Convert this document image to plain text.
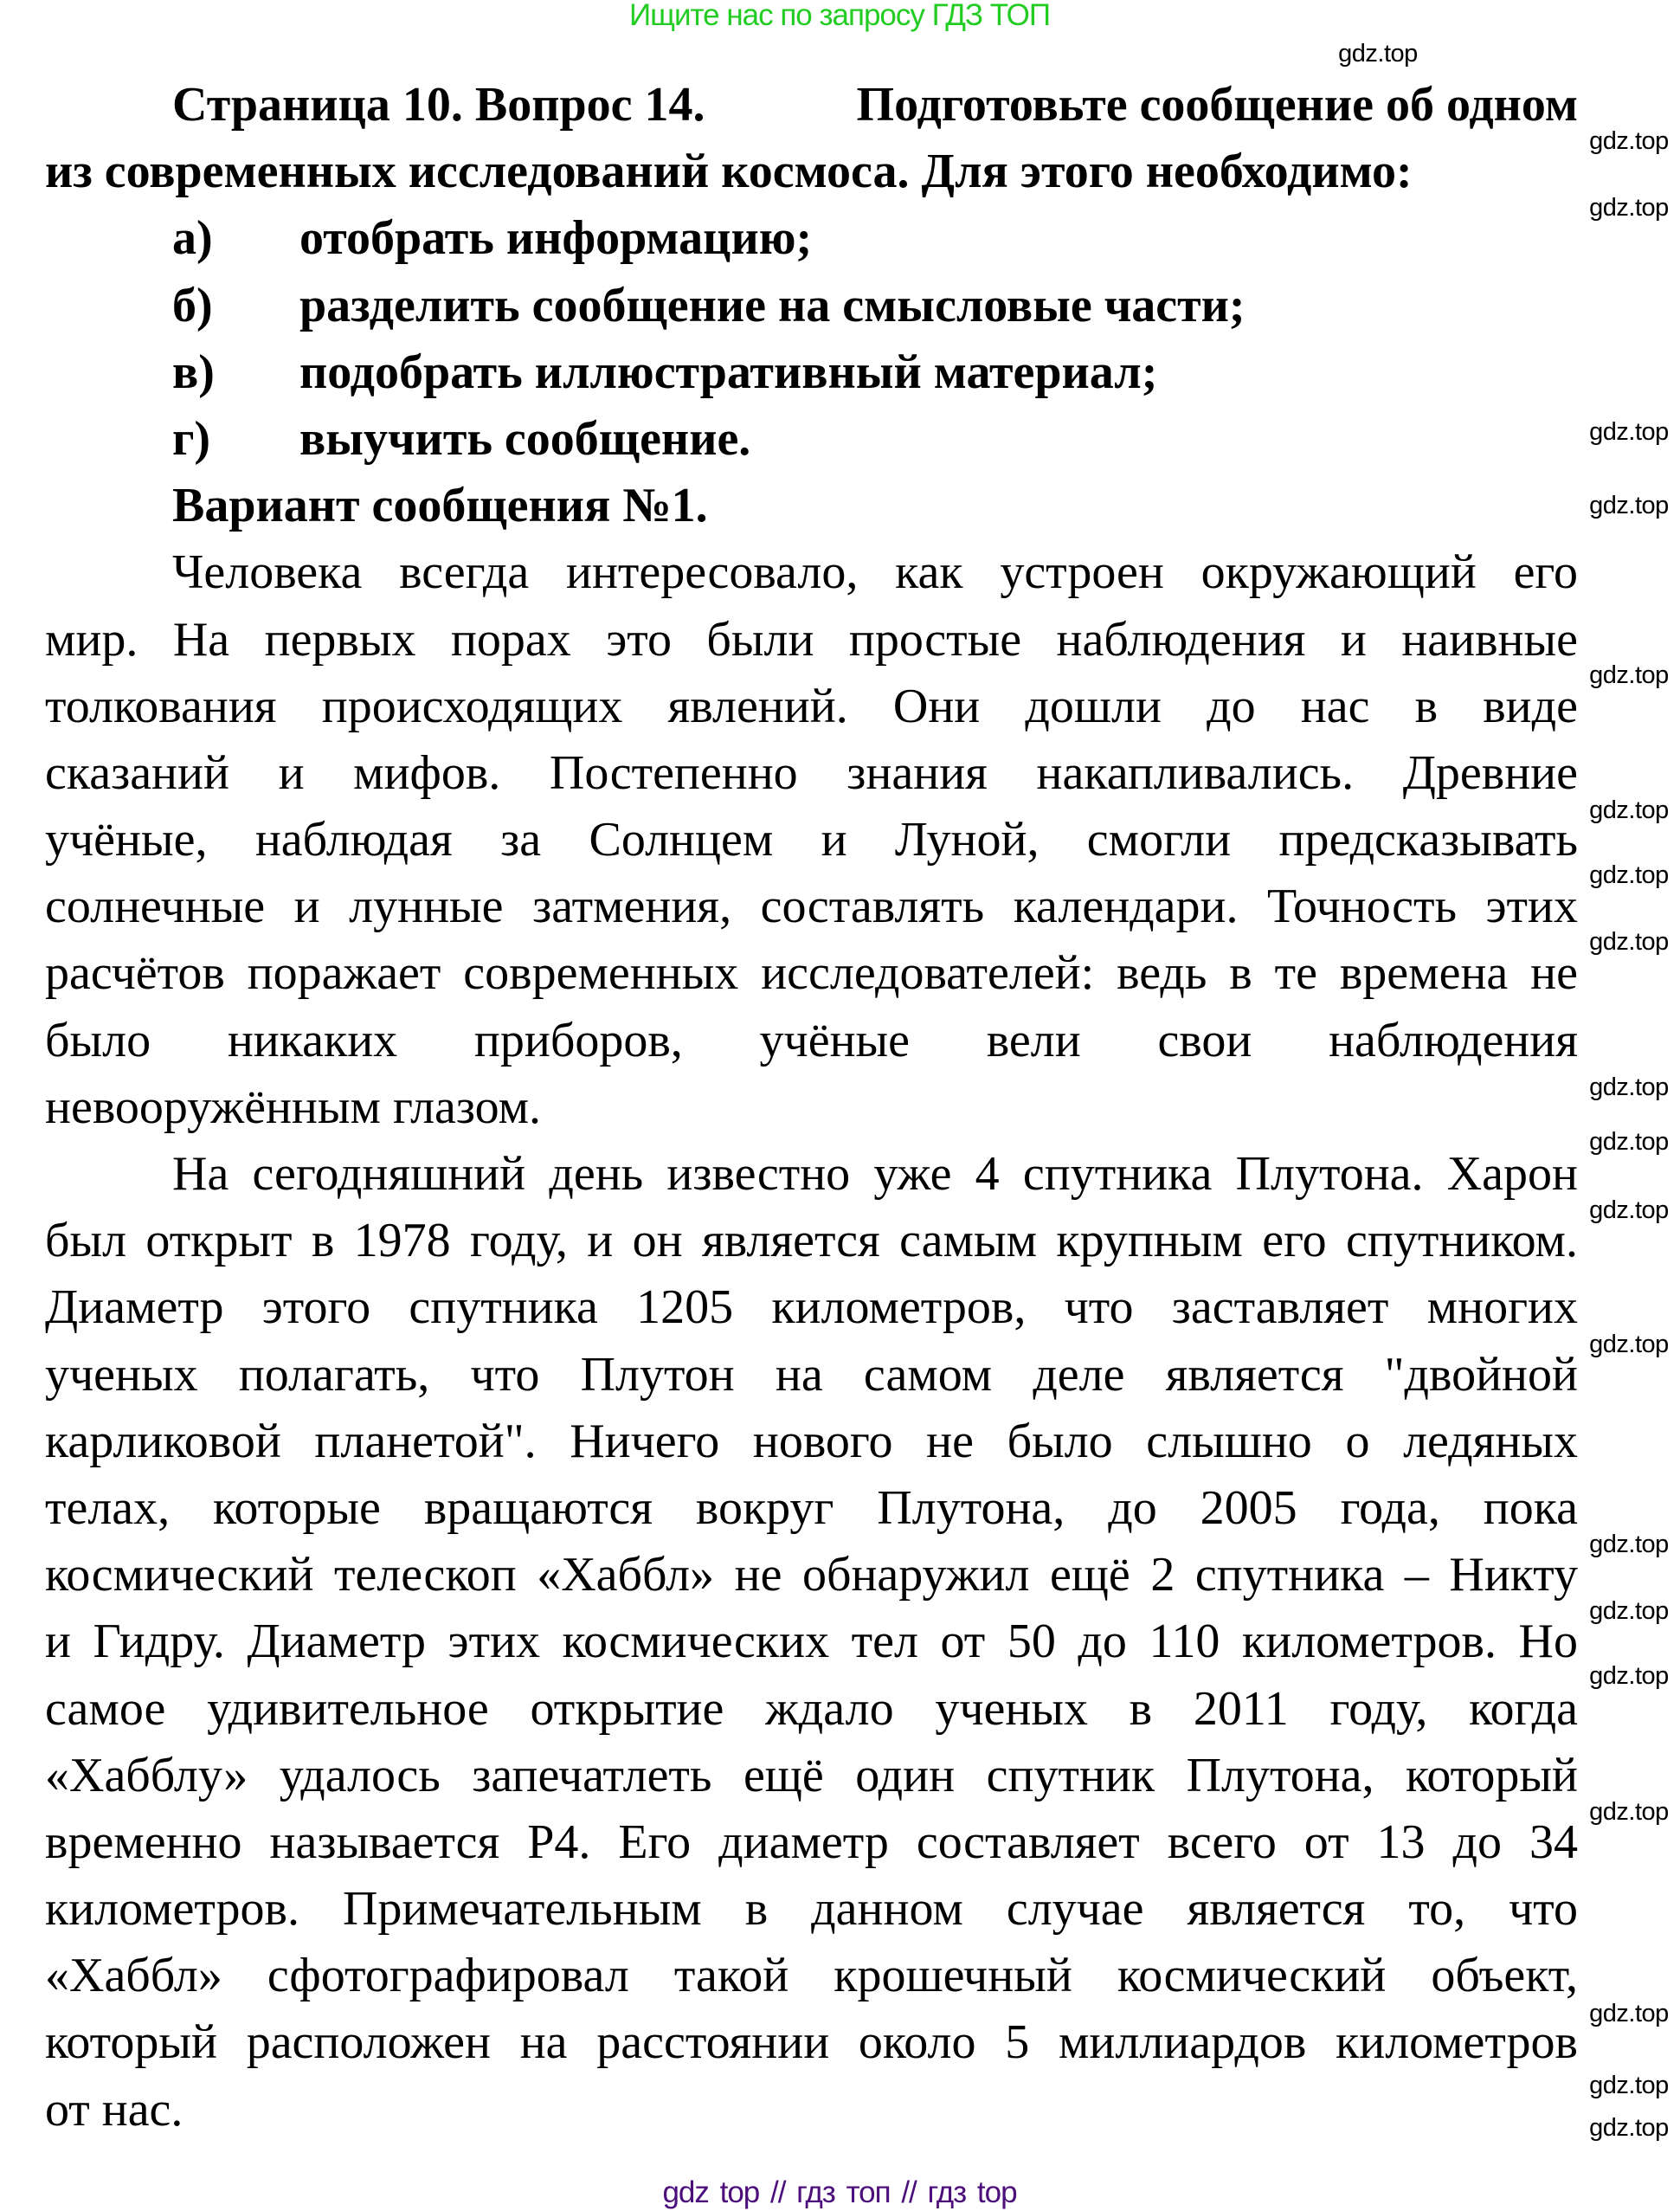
Ищите нас по запросу ГДЗ ТОП
Страница 10. Вопрос 14.	Подготовьте сообщение об одном
из современных исследований космоса. Для этого необходимо:
а)	отобрать информацию;
б)	разделить сообщение на смысловые части;
в)	подобрать иллюстративный материал;
г)	выучить сообщение.
Вариант сообщения №1.
Человека всегда интересовало, как устроен окружающий его
мир. На первых порах это были простые наблюдения и наивные
толкования происходящих явлений. Они дошли до нас в виде
сказаний и мифов. Постепенно знания накапливались. Древние
учёные, наблюдая за Солнцем и Луной, смогли предсказывать
солнечные и лунные затмения, составлять календари. Точность этих
расчётов поражает современных исследователей: ведь в те времена не
было никаких приборов, учёные вели свои наблюдения
невооружённым глазом.
На сегодняшний день известно уже 4 спутника Плутона. Харон
был открыт в 1978 году, и он является самым крупным его спутником.
Диаметр этого спутника 1205 километров, что заставляет многих
ученых полагать, что Плутон на самом деле является "двойной
карликовой планетой". Ничего нового не было слышно о ледяных
телах, которые вращаются вокруг Плутона, до 2005 года, пока
космический телескоп «Хаббл» не обнаружил ещё 2 спутника – Никту
и Гидру. Диаметр этих космических тел от 50 до 110 километров. Но
самое удивительное открытие ждало ученых в 2011 году, когда
«Хабблу» удалось запечатлеть ещё один спутник Плутона, который
временно называется P4. Его диаметр составляет всего от 13 до 34
километров. Примечательным в данном случае является то, что
«Хаббл» сфотографировал такой крошечный космический объект,
который расположен на расстоянии около 5 миллиардов километров
от нас.
gdz.top
gdz.top
gdz.top
gdz.top
gdz.top
gdz.top
gdz.top
gdz.top
gdz.top
gdz.top
gdz.top
gdz.top
gdz.top
gdz.top
gdz.top
gdz.top
gdz.top
gdz.top
gdz.top
gdz.top
gdz top // гдз топ // гдз top
